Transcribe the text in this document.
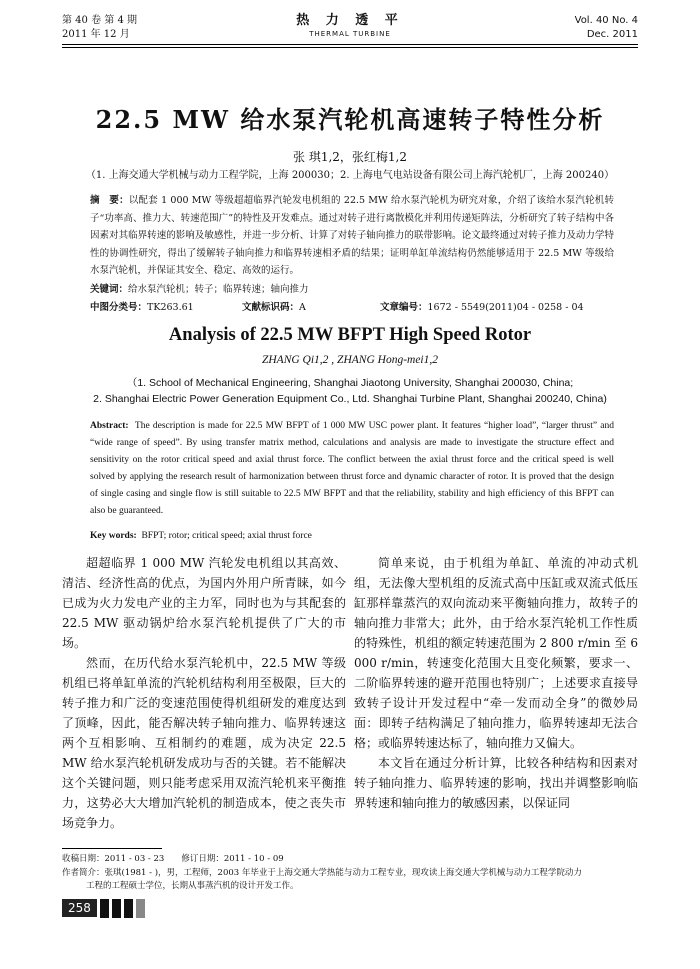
第 40 卷 第 4 期
2011 年 12 月
热 力 透 平
THERMAL TURBINE
Vol. 40 No. 4
Dec. 2011
22.5 MW 给水泵汽轮机高速转子特性分析
张 琪1,2，张红梅1,2
（1. 上海交通大学机械与动力工程学院，上海 200030；2. 上海电气电站设备有限公司上海汽轮机厂，上海 200240）
摘　要：以配套 1 000 MW 等级超超临界汽轮发电机组的 22.5 MW 给水泵汽轮机为研究对象，介绍了该给水泵汽轮机转子“功率高、推力大、转速范围广”的特性及开发难点。通过对转子进行离散模化并利用传递矩阵法，分析研究了转子结构中各因素对其临界转速的影响及敏感性，并进一步分析、计算了对转子轴向推力的联带影响。论文最终通过对转子推力及动力学特性的协调性研究，得出了缓解转子轴向推力和临界转速相矛盾的结果；证明单缸单流结构仍然能够适用于 22.5 MW 等级给水泵汽轮机，并保证其安全、稳定、高效的运行。
关键词：给水泵汽轮机；转子；临界转速；轴向推力
中图分类号：TK263.61	文献标识码：A	文章编号：1672 - 5549(2011)04 - 0258 - 04
Analysis of 22.5 MW BFPT High Speed Rotor
ZHANG Qi1,2 , ZHANG Hong-mei1,2
（1. School of Mechanical Engineering, Shanghai Jiaotong University, Shanghai 200030, China;
2. Shanghai Electric Power Generation Equipment Co., Ltd. Shanghai Turbine Plant, Shanghai 200240, China)
Abstract: The description is made for 22.5 MW BFPT of 1 000 MW USC power plant. It features “higher load”, “larger thrust” and “wide range of speed”. By using transfer matrix method, calculations and analysis are made to investigate the structure effect and sensitivity on the rotor critical speed and axial thrust force. The conflict between the axial thrust force and the critical speed is well solved by applying the research result of harmonization between thrust force and dynamic character of rotor. It is proved that the design of single casing and single flow is still suitable to 22.5 MW BFPT and that the reliability, stability and high efficiency of this BFPT can also be guaranteed.
Key words: BFPT; rotor; critical speed; axial thrust force

超超临界 1 000 MW 汽轮发电机组以其高效、清洁、经济性高的优点，为国内外用户所青睐，如今已成为火力发电产业的主力军，同时也为与其配套的 22.5 MW 驱动锅炉给水泵汽轮机提供了广大的市场。

然而，在历代给水泵汽轮机中，22.5 MW 等级机组已将单缸单流的汽轮机结构利用至极限，巨大的转子推力和广泛的变速范围使得机组研发的难度达到了顶峰，因此，能否解决转子轴向推力、临界转速这两个互相影响、互相制约的难题，成为决定 22.5 MW 给水泵汽轮机研发成功与否的关键。若不能解决这个关键问题，则只能考虑采用双流汽轮机来平衡推力，这势必大大增加汽轮机的制造成本，使之丧失市场竞争力。

简单来说，由于机组为单缸、单流的冲动式机组，无法像大型机组的反流式高中压缸或双流式低压缸那样靠蒸汽的双向流动来平衡轴向推力，故转子的轴向推力非常大；此外，由于给水泵汽轮机工作性质的特殊性，机组的额定转速范围为 2 800 r/min 至 6 000 r/min，转速变化范围大且变化频繁，要求一、二阶临界转速的避开范围也特别广；上述要求直接导致转子设计开发过程中“牵一发而动全身”的微妙局面：即转子结构满足了轴向推力，临界转速却无法合格；或临界转速达标了，轴向推力又偏大。

本文旨在通过分析计算，比较各种结构和因素对转子轴向推力、临界转速的影响，找出并调整影响临界转速和轴向推力的敏感因素，以保证同

收稿日期：2011 - 03 - 23　　修订日期：2011 - 10 - 09
作者简介：张琪(1981 - )，男，工程师，2003 年毕业于上海交通大学热能与动力工程专业，现攻读上海交通大学机械与动力工程学院动力
工程的工程硕士学位，长期从事蒸汽机的设计开发工作。
258
